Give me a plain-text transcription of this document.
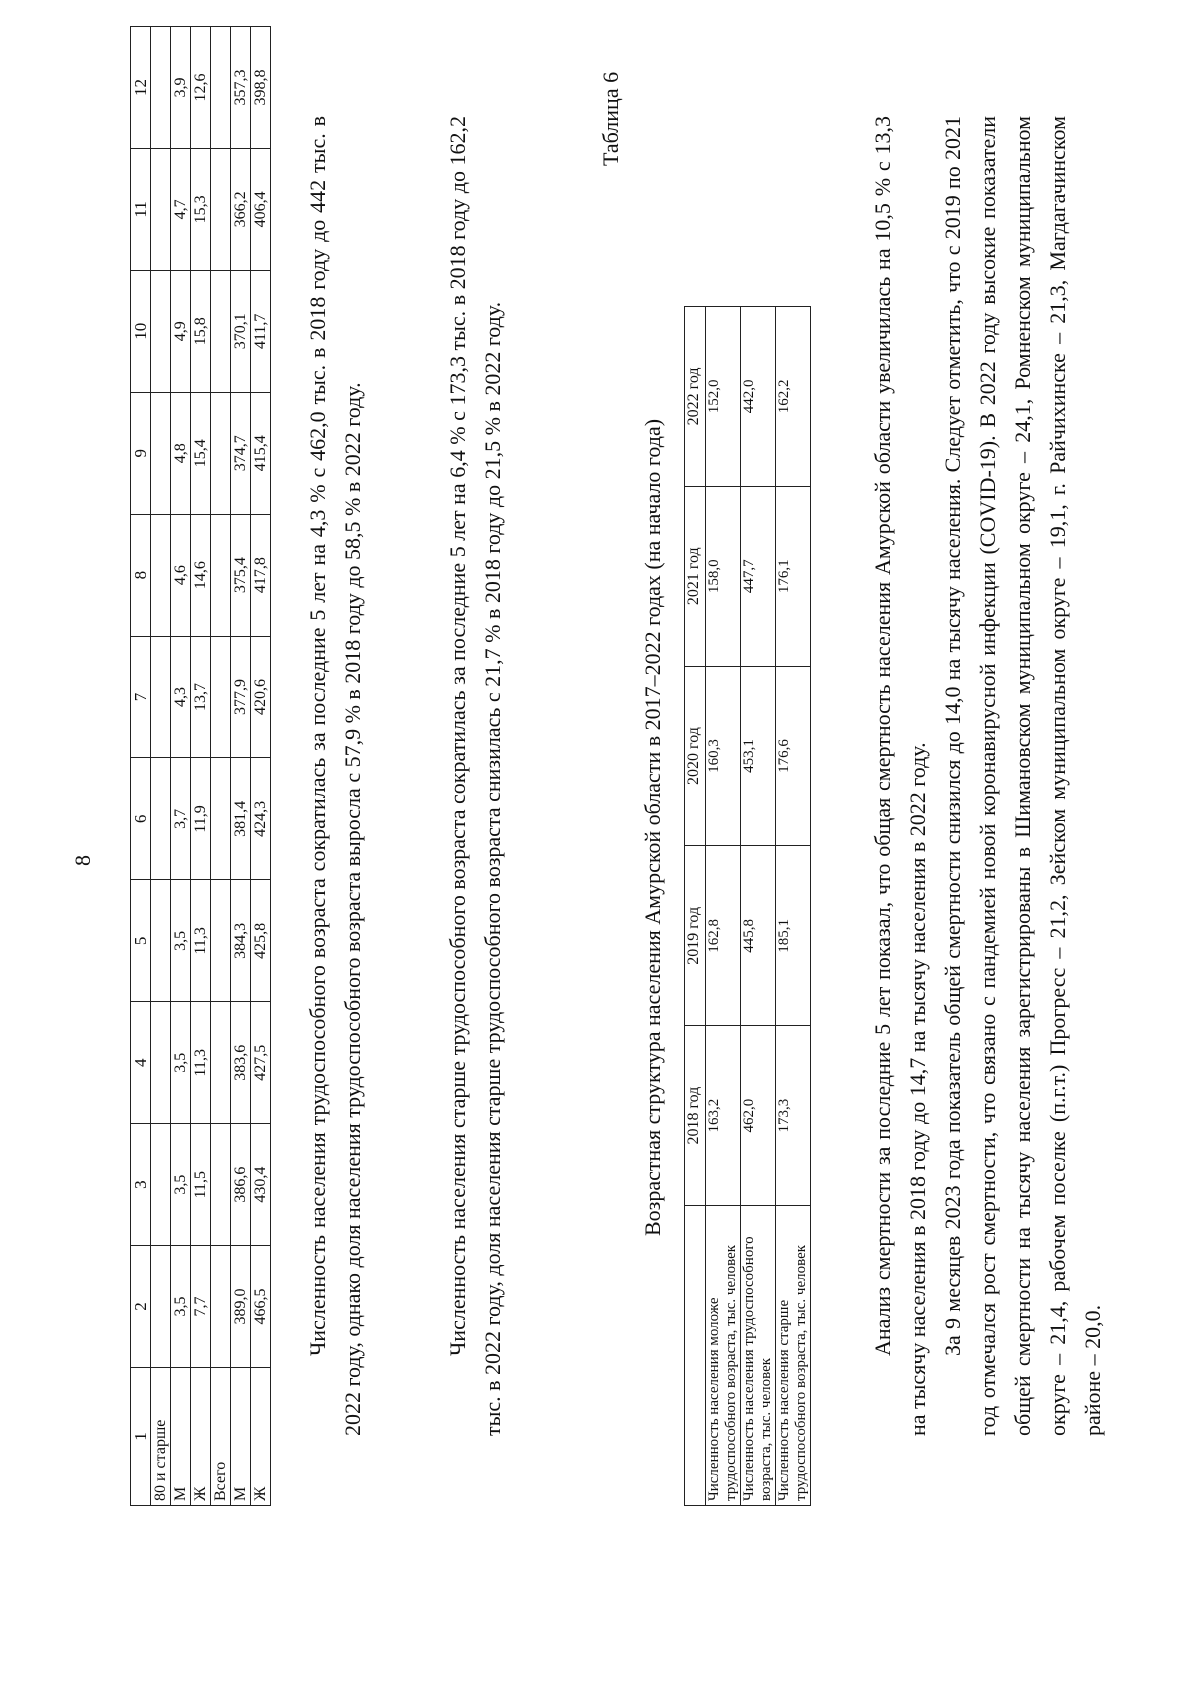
8
1	2	3	4	5	6	7	8	9	10	11	12
80 и старше											
М	3,5	3,5	3,5	3,5	3,7	4,3	4,6	4,8	4,9	4,7	3,9
Ж	7,7	11,5	11,3	11,3	11,9	13,7	14,6	15,4	15,8	15,3	12,6
Всего											
М	389,0	386,6	383,6	384,3	381,4	377,9	375,4	374,7	370,1	366,2	357,3
Ж	466,5	430,4	427,5	425,8	424,3	420,6	417,8	415,4	411,7	406,4	398,8

Численность населения трудоспособного возраста сократилась за последние 5 лет на 4,3 % с 462,0 тыс. в 2018 году до 442 тыс. в 2022 году, однако доля населения трудоспособного возраста выросла с 57,9 % в 2018 году до 58,5 % в 2022 году.	Численность населения старше трудоспособного возраста сократилась за последние 5 лет на 6,4 % с 173,3 тыс. в 2018 году до 162,2 тыс. в 2022 году, доля населения старше трудоспособного возраста снизилась с 21,7 % в 2018 году до 21,5 % в 2022 году.

Таблица 6
Возрастная структура населения Амурской области в 2017–2022 годах (на начало года)
	2018 год	2019 год	2020 год	2021 год	2022 год
Численность населения моложе трудоспособного возраста, тыс. человек	163,2	162,8	160,3	158,0	152,0
Численность населения трудоспособного возраста, тыс. человек	462,0	445,8	453,1	447,7	442,0
Численность населения старше трудоспособного возраста, тыс. человек	173,3	185,1	176,6	176,1	162,2	Анализ смертности за последние 5 лет показал, что общая смертность населения Амурской области увеличилась на 10,5 % с 13,3 на тысячу населения в 2018 году до 14,7 на тысячу населения в 2022 году. За 9 месяцев 2023 года показатель общей смертности снизился до 14,0 на тысячу населения. Следует отметить, что с 2019 по 2021 год отмечался рост смертности, что связано с пандемией новой коронавирусной инфекции (COVID-19). В 2022 году высокие показатели общей смертности на тысячу населения зарегистрированы в Шимановском муниципальном округе – 24,1, Ромненском муниципальном округе – 21,4, рабочем поселке (п.г.т.) Прогресс – 21,2, Зейском муниципальном округе – 19,1, г. Райчихинске – 21,3, Магдагачинском районе – 20,0.
